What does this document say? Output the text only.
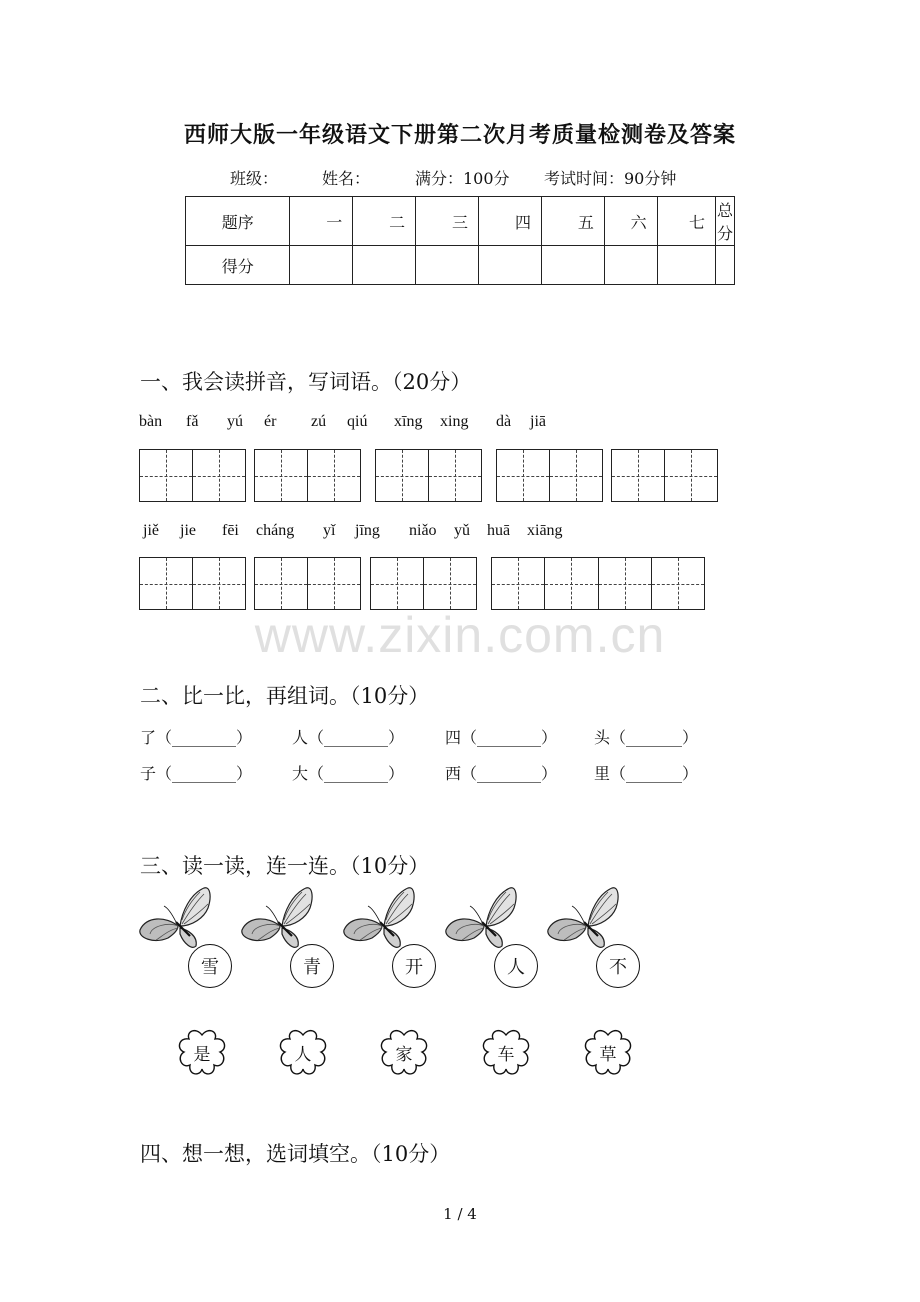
西师大版一年级语文下册第二次月考质量检测卷及答案
班级：	姓名：	满分：100分 考试时间：90分钟
题序	一	二	三	四	五	六	七	总分
得分								
一、我会读拼音，写词语。（20分）
bàn fǎ yú ér zú qiú xīng xing dà jiā
jiě jie fēi cháng yǐ jīng niǎo yǔ huā xiāng
www.zixin.com.cn
二、比一比，再组词。（10分）
了（________） 人（________）	四（________） 头（_______）
子（________） 大（________）	西（________） 里（_______）
三、读一读，连一连。（10分）
雪	青	开	人	不
是	人	家	车	草
四、想一想，选词填空。（10分）
1 / 4
